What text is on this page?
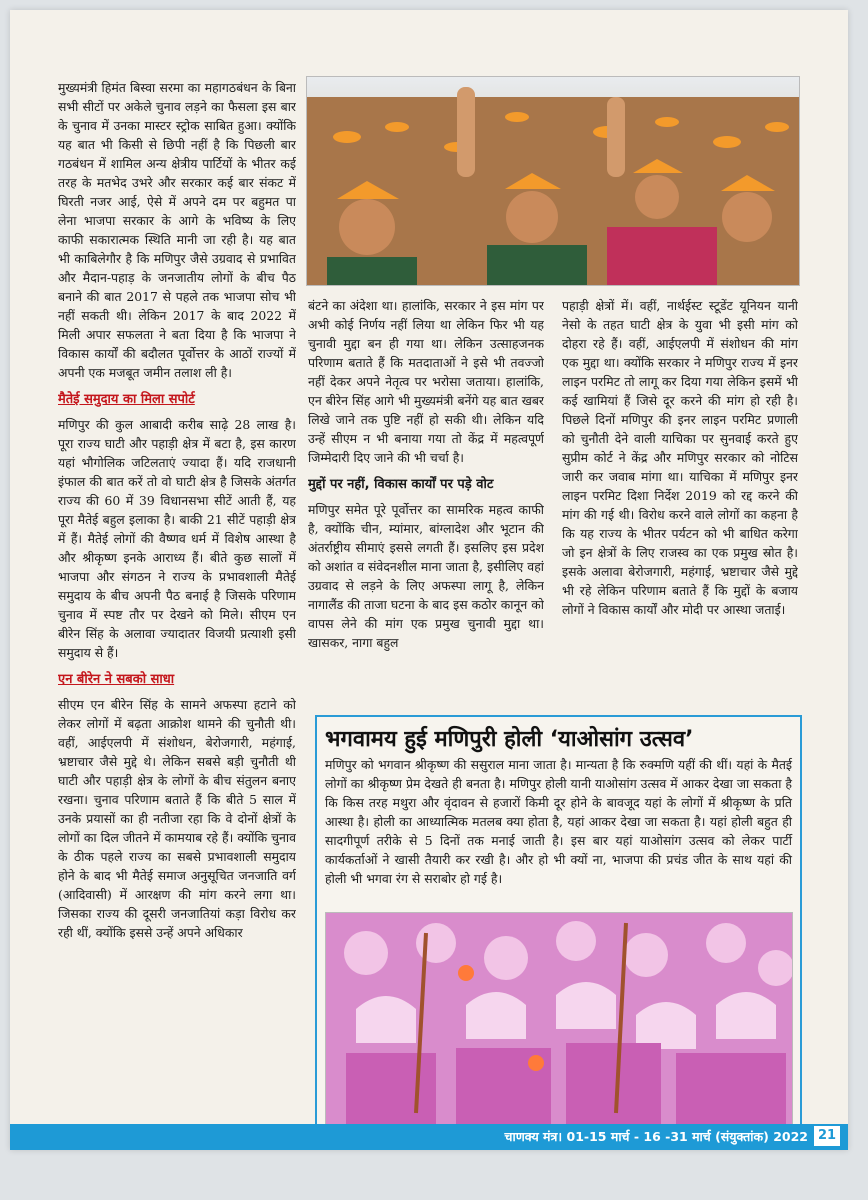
मुख्यमंत्री हिमंत बिस्वा सरमा का महागठबंधन के बिना सभी सीटों पर अकेले चुनाव लड़ने का फैसला इस बार के चुनाव में उनका मास्टर स्ट्रोक साबित हुआ। क्योंकि यह बात भी किसी से छिपी नहीं है कि पिछली बार गठबंधन में शामिल अन्य क्षेत्रीय पार्टियों के भीतर कई तरह के मतभेद उभरे और सरकार कई बार संकट में घिरती नजर आई, ऐसे में अपने दम पर बहुमत पा लेना भाजपा सरकार के आगे के भविष्य के लिए काफी सकारात्मक स्थिति मानी जा रही है। यह बात भी काबिलेगौर है कि मणिपुर जैसे उग्रवाद से प्रभावित और मैदान-पहाड़ के जनजातीय लोगों के बीच पैठ बनाने की बात 2017 से पहले तक भाजपा सोच भी नहीं सकती थी। लेकिन 2017 के बाद 2022 में मिली अपार सफलता ने बता दिया है कि भाजपा ने विकास कार्यों की बदौलत पूर्वोत्तर के आठों राज्यों में अपनी एक मजबूत जमीन तलाश ली है।

मैतेई समुदाय का मिला सपोर्ट

मणिपुर की कुल आबादी करीब साढ़े 28 लाख है। पूरा राज्य घाटी और पहाड़ी क्षेत्र में बटा है, इस कारण यहां भौगोलिक जटिलताएं ज्यादा हैं। यदि राजधानी इंफाल की बात करें तो वो घाटी क्षेत्र है जिसके अंतर्गत राज्य की 60 में 39 विधानसभा सीटें आती हैं, यह पूरा मैतेई बहुल इलाका है। बाकी 21 सीटें पहाड़ी क्षेत्र में हैं। मैतेई लोगों की वैष्णव धर्म में विशेष आस्था है और श्रीकृष्ण इनके आराध्य हैं। बीते कुछ सालों में भाजपा और संगठन ने राज्य के प्रभावशाली मैतेई समुदाय के बीच अपनी पैठ बनाई है जिसके परिणाम चुनाव में स्पष्ट तौर पर देखने को मिले। सीएम एन बीरेन सिंह के अलावा ज्यादातर विजयी प्रत्याशी इसी समुदाय से हैं।

एन बीरेन ने सबको साधा

सीएम एन बीरेन सिंह के सामने अफस्पा हटाने को लेकर लोगों में बढ़ता आक्रोश थामने की चुनौती थी। वहीं, आईएलपी में संशोधन, बेरोजगारी, महंगाई, भ्रष्टाचार जैसे मुद्दे थे। लेकिन सबसे बड़ी चुनौती थी घाटी और पहाड़ी क्षेत्र के लोगों के बीच संतुलन बनाए रखना। चुनाव परिणाम बताते हैं कि बीते 5 साल में उनके प्रयासों का ही नतीजा रहा कि वे दोनों क्षेत्रों के लोगों का दिल जीतने में कामयाब रहे हैं। क्योंकि चुनाव के ठीक पहले राज्य का सबसे प्रभावशाली समुदाय होने के बाद भी मैतेई समाज अनुसूचित जनजाति वर्ग (आदिवासी) में आरक्षण की मांग करने लगा था। जिसका राज्य की दूसरी जनजातियां कड़ा विरोध कर रही थीं, क्योंकि इससे उन्हें अपने अधिकार

बंटने का अंदेशा था। हालांकि, सरकार ने इस मांग पर अभी कोई निर्णय नहीं लिया था लेकिन फिर भी यह चुनावी मुद्दा बन ही गया था। लेकिन उत्साहजनक परिणाम बताते हैं कि मतदाताओं ने इसे भी तवज्जो नहीं देकर अपने नेतृत्व पर भरोसा जताया। हालांकि, एन बीरेन सिंह आगे भी मुख्यमंत्री बनेंगे यह बात खबर लिखे जाने तक पुष्टि नहीं हो सकी थी। लेकिन यदि उन्हें सीएम न भी बनाया गया तो केंद्र में महत्वपूर्ण जिम्मेदारी दिए जाने की भी चर्चा है।

मुद्दों पर नहीं, विकास कार्यों पर पड़े वोट

मणिपुर समेत पूरे पूर्वोत्तर का सामरिक महत्व काफी है, क्योंकि चीन, म्यांमार, बांग्लादेश और भूटान की अंतर्राष्ट्रीय सीमाएं इससे लगती हैं। इसलिए इस प्रदेश को अशांत व संवेदनशील माना जाता है, इसीलिए वहां उग्रवाद से लड़ने के लिए अफस्पा लागू है, लेकिन नागालैंड की ताजा घटना के बाद इस कठोर कानून को वापस लेने की मांग एक प्रमुख चुनावी मुद्दा था। खासकर, नागा बहुल

पहाड़ी क्षेत्रों में। वहीं, नार्थईस्ट स्टूडेंट यूनियन यानी नेसो के तहत घाटी क्षेत्र के युवा भी इसी मांग को दोहरा रहे हैं। वहीं, आईएलपी में संशोधन की मांग एक मुद्दा था। क्योंकि सरकार ने मणिपुर राज्य में इनर लाइन परमिट तो लागू कर दिया गया लेकिन इसमें भी कई खामियां हैं जिसे दूर करने की मांग हो रही है। पिछले दिनों मणिपुर की इनर लाइन परमिट प्रणाली को चुनौती देने वाली याचिका पर सुनवाई करते हुए सुप्रीम कोर्ट ने केंद्र और मणिपुर सरकार को नोटिस जारी कर जवाब मांगा था। याचिका में मणिपुर इनर लाइन परमिट दिशा निर्देश 2019 को रद्द करने की मांग की गई थी। विरोध करने वाले लोगों का कहना है कि यह राज्य के भीतर पर्यटन को भी बाधित करेगा जो इन क्षेत्रों के लिए राजस्व का एक प्रमुख स्रोत है। इसके अलावा बेरोजगारी, महंगाई, भ्रष्टाचार जैसे मुद्दे भी रहे लेकिन परिणाम बताते हैं कि मुद्दों के बजाय लोगों ने विकास कार्यों और मोदी पर आस्था जताई।

भगवामय हुई मणिपुरी होली ‘याओसांग उत्सव’
मणिपुर को भगवान श्रीकृष्ण की ससुराल माना जाता है। मान्यता है कि रुक्मणि यहीं की थीं। यहां के मैतई लोगों का श्रीकृष्ण प्रेम देखते ही बनता है। मणिपुर होली यानी याओसांग उत्सव में आकर देखा जा सकता है कि किस तरह मथुरा और वृंदावन से हजारों किमी दूर होने के बावजूद यहां के लोगों में श्रीकृष्ण के प्रति आस्था है। होली का आध्यात्मिक मतलब क्या होता है, यहां आकर देखा जा सकता है। यहां होली बहुत ही सादगीपूर्ण तरीके से 5 दिनों तक मनाई जाती है। इस बार यहां याओसांग उत्सव को लेकर पार्टी कार्यकर्ताओं ने खासी तैयारी कर रखी है। और हो भी क्यों ना, भाजपा की प्रचंड जीत के साथ यहां की होली भी भगवा रंग से सराबोर हो गई है।
चाणक्य मंत्र। 01-15 मार्च - 16 -31 मार्च (संयुक्तांक) 2022 21
